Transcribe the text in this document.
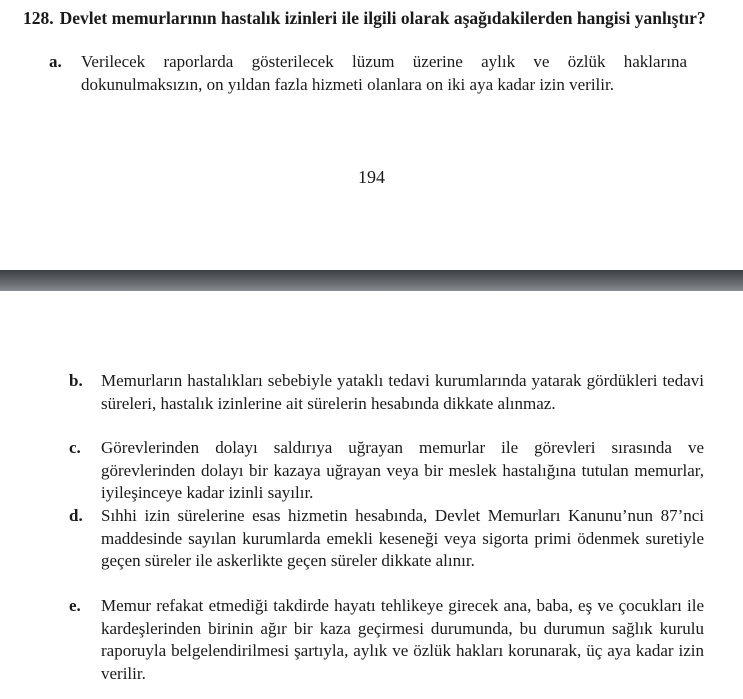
128. Devlet memurlarının hastalık izinleri ile ilgili olarak aşağıdakilerden hangisi yanlıştır?
a. Verilecek raporlarda gösterilecek lüzum üzerine aylık ve özlük haklarına dokunulmaksızın, on yıldan fazla hizmeti olanlara on iki aya kadar izin verilir.
194
b. Memurların hastalıkları sebebiyle yataklı tedavi kurumlarında yatarak gördükleri tedavi süreleri, hastalık izinlerine ait sürelerin hesabında dikkate alınmaz.
c. Görevlerinden dolayı saldırıya uğrayan memurlar ile görevleri sırasında ve görevlerinden dolayı bir kazaya uğrayan veya bir meslek hastalığına tutulan memurlar, iyileşinceye kadar izinli sayılır.
d. Sıhhi izin sürelerine esas hizmetin hesabında, Devlet Memurları Kanunu’nun 87’nci maddesinde sayılan kurumlarda emekli keseneği veya sigorta primi ödenmek suretiyle geçen süreler ile askerlikte geçen süreler dikkate alınır.
e. Memur refakat etmediği takdirde hayatı tehlikeye girecek ana, baba, eş ve çocukları ile kardeşlerinden birinin ağır bir kaza geçirmesi durumunda, bu durumun sağlık kurulu raporuyla belgelendirilmesi şartıyla, aylık ve özlük hakları korunarak, üç aya kadar izin verilir.
